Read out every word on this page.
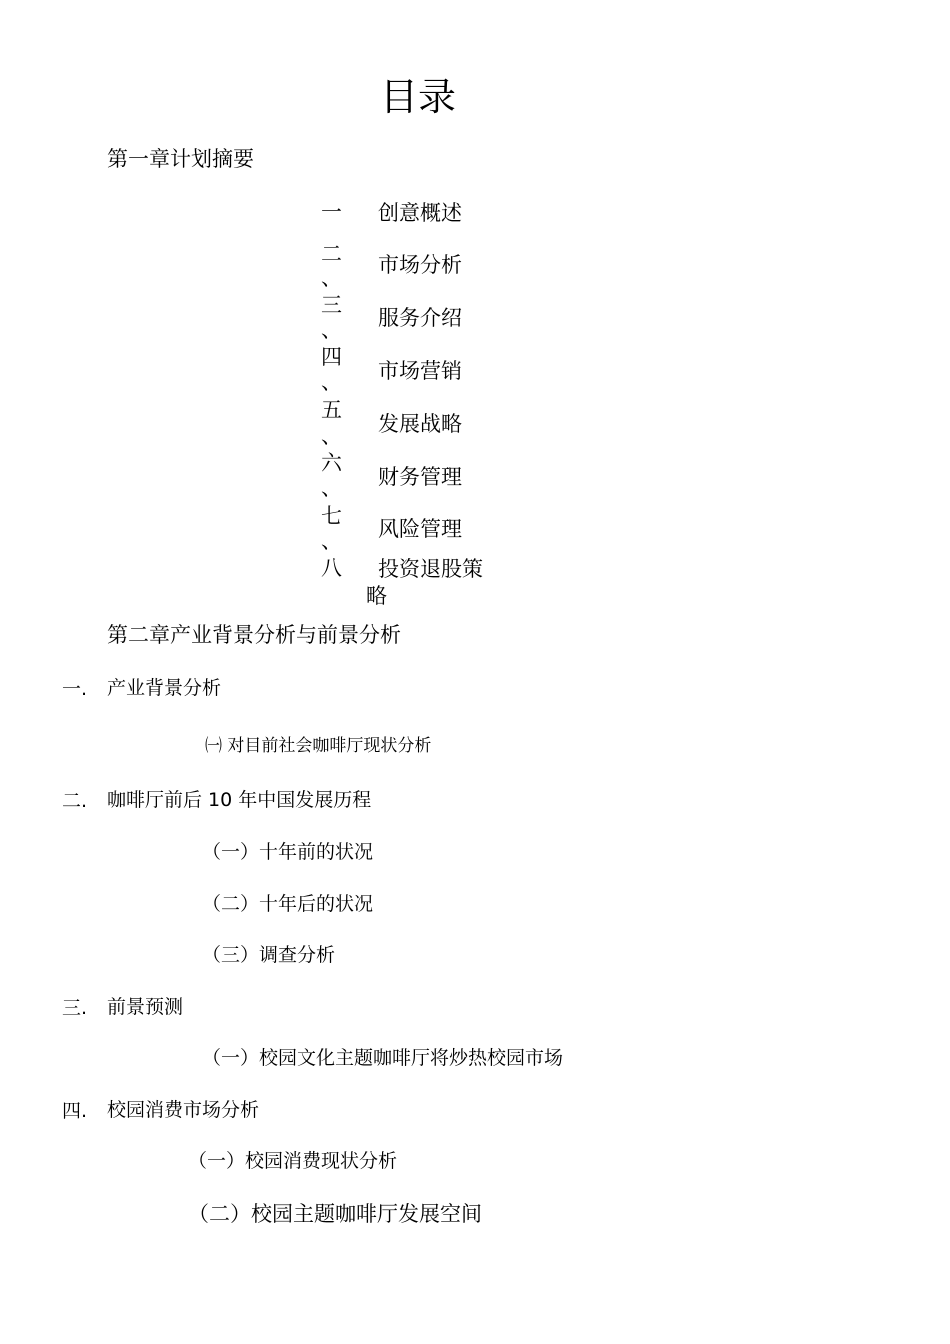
目录
第一章计划摘要
一
二
、
三
、
四
、
五
、
六
、
七
、
八
创意概述
市场分析
服务介绍
市场营销
发展战略
财务管理
风险管理
投资退股策
略
第二章产业背景分析与前景分析
一. 产业背景分析
㈠ 对目前社会咖啡厅现状分析
二. 咖啡厅前后 10 年中国发展历程
（一）十年前的状况
（二）十年后的状况
（三）调查分析
三. 前景预测
（一）校园文化主题咖啡厅将炒热校园市场
四. 校园消费市场分析
（一）校园消费现状分析
（二）校园主题咖啡厅发展空间
